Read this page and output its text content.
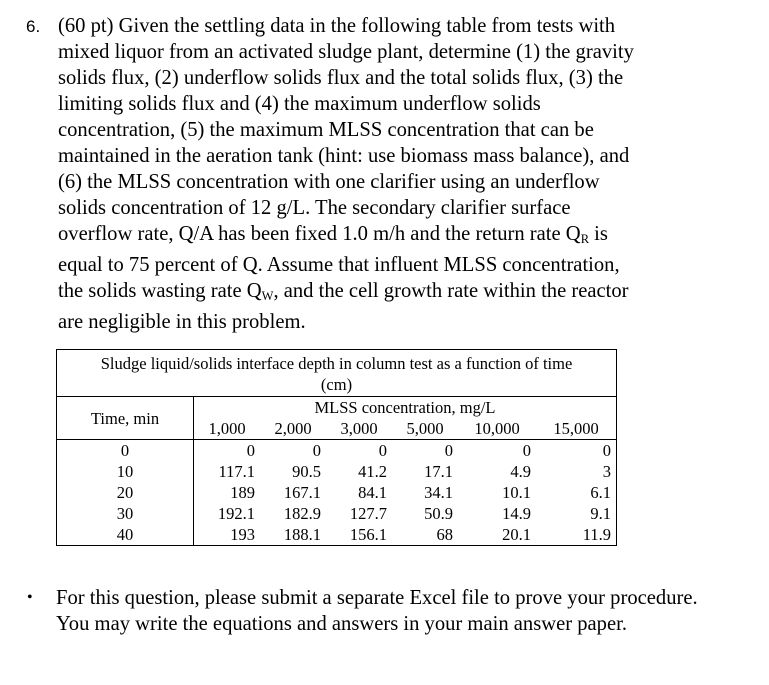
6. (60 pt) Given the settling data in the following table from tests with
mixed liquor from an activated sludge plant, determine (1) the gravity
solids flux, (2) underflow solids flux and the total solids flux, (3) the
limiting solids flux and (4) the maximum underflow solids
concentration, (5) the maximum MLSS concentration that can be
maintained in the aeration tank (hint: use biomass mass balance), and
(6) the MLSS concentration with one clarifier using an underflow
solids concentration of 12 g/L. The secondary clarifier surface
overflow rate, Q/A has been fixed 1.0 m/h and the return rate $Q_R$ is
equal to 75 percent of Q. Assume that influent MLSS concentration,
the solids wasting rate $Q_W$, and the cell growth rate within the reactor
are negligible in this problem.
Sludge liquid/solids interface depth in column test as a function of time
(cm)						

Time, min	MLSS concentration, mg/L					
	1,000	2,000	3,000	5,000	10,000	15,000
0	0	0	0	0	0	0
10	117.1	90.5	41.2	17.1	4.9	3
20	189	167.1	84.1	34.1	10.1	6.1
30	192.1	182.9	127.7	50.9	14.9	9.1
40	193	188.1	156.1	68	20.1	11.9
•	For this question, please submit a separate Excel file to prove your procedure.
You may write the equations and answers in your main answer paper.
